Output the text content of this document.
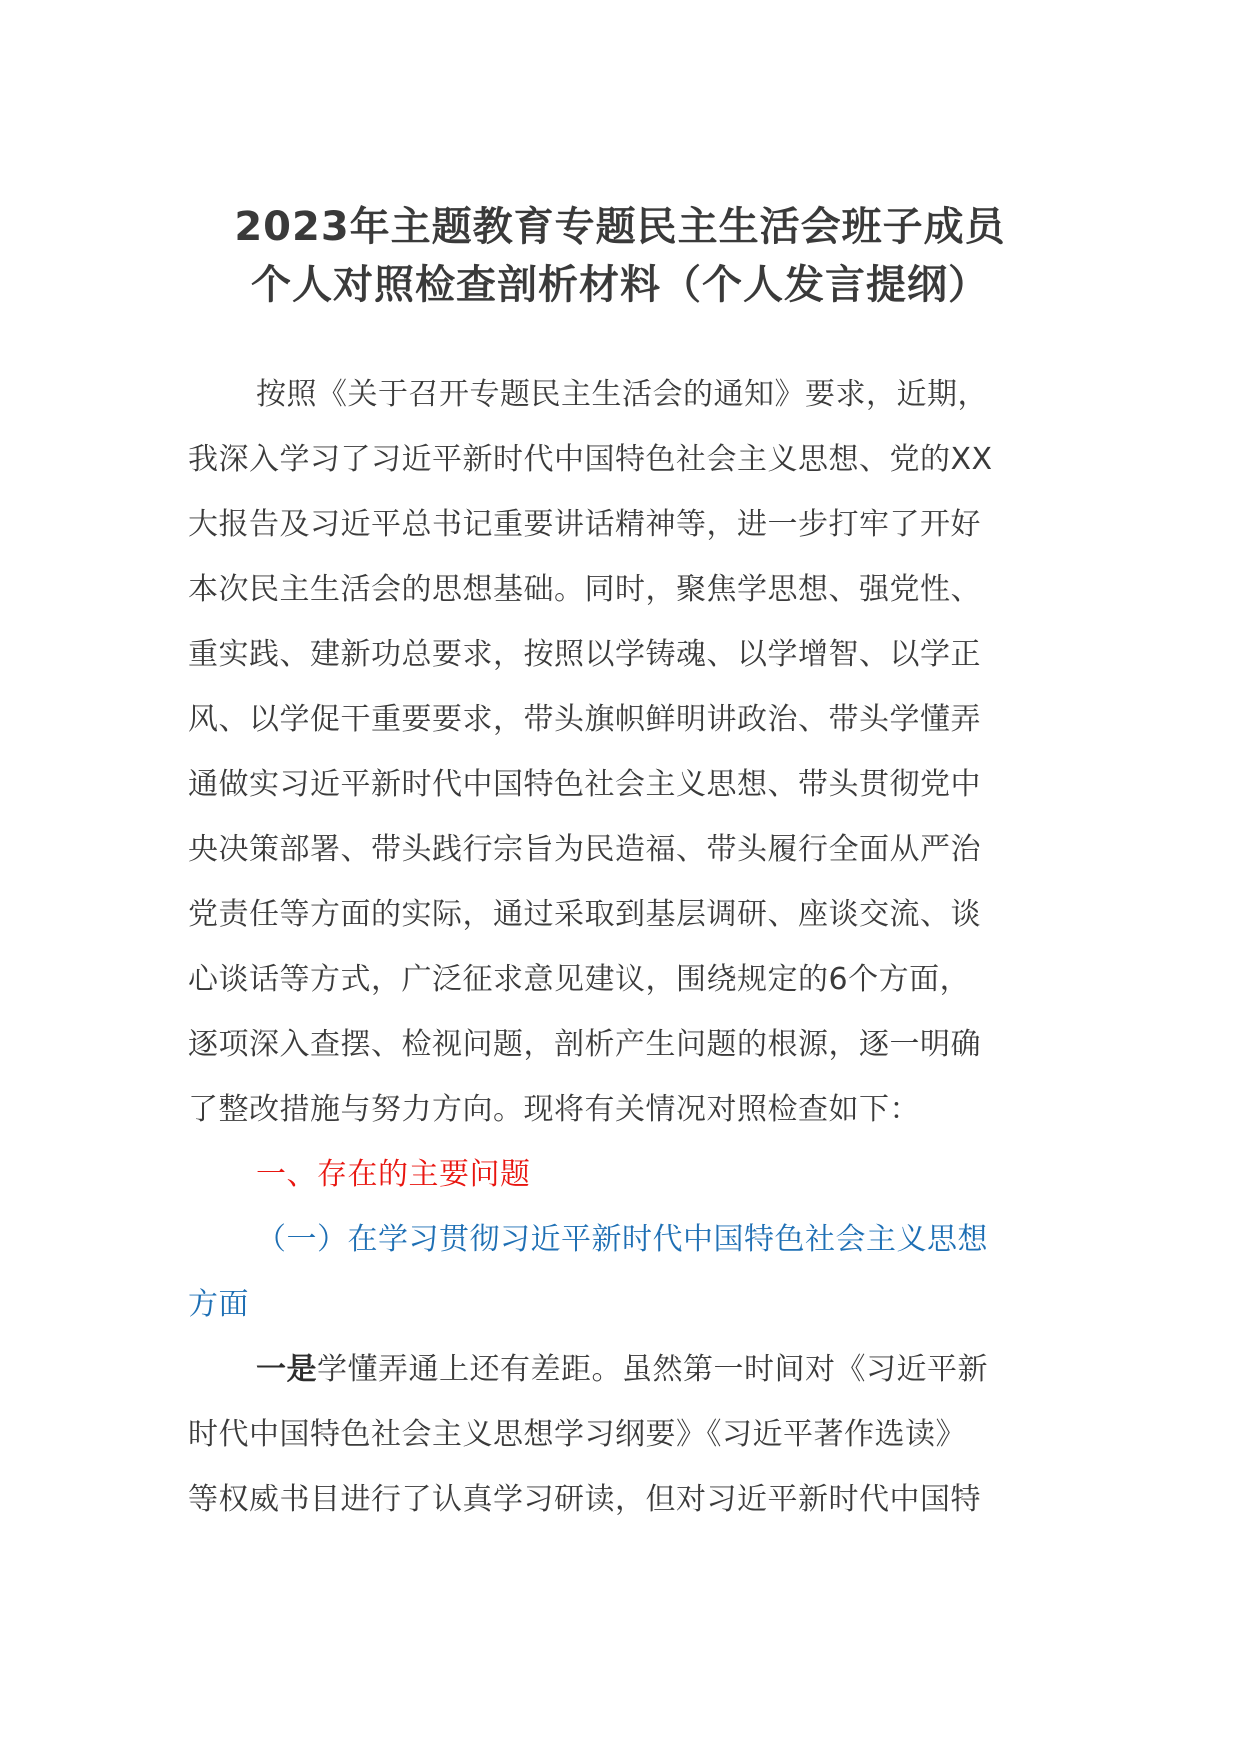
2023年主题教育专题民主生活会班子成员
个人对照检查剖析材料（个人发言提纲）
按照《关于召开专题民主生活会的通知》要求，近期，
我深入学习了习近平新时代中国特色社会主义思想、党的XX
大报告及习近平总书记重要讲话精神等，进一步打牢了开好
本次民主生活会的思想基础。同时，聚焦学思想、强党性、
重实践、建新功总要求，按照以学铸魂、以学增智、以学正
风、以学促干重要要求，带头旗帜鲜明讲政治、带头学懂弄
通做实习近平新时代中国特色社会主义思想、带头贯彻党中
央决策部署、带头践行宗旨为民造福、带头履行全面从严治
党责任等方面的实际，通过采取到基层调研、座谈交流、谈
心谈话等方式，广泛征求意见建议，围绕规定的6个方面，
逐项深入查摆、检视问题，剖析产生问题的根源，逐一明确
了整改措施与努力方向。现将有关情况对照检查如下：
一、存在的主要问题
（一）在学习贯彻习近平新时代中国特色社会主义思想
方面
一是学懂弄通上还有差距。虽然第一时间对《习近平新
时代中国特色社会主义思想学习纲要》《习近平著作选读》
等权威书目进行了认真学习研读，但对习近平新时代中国特
